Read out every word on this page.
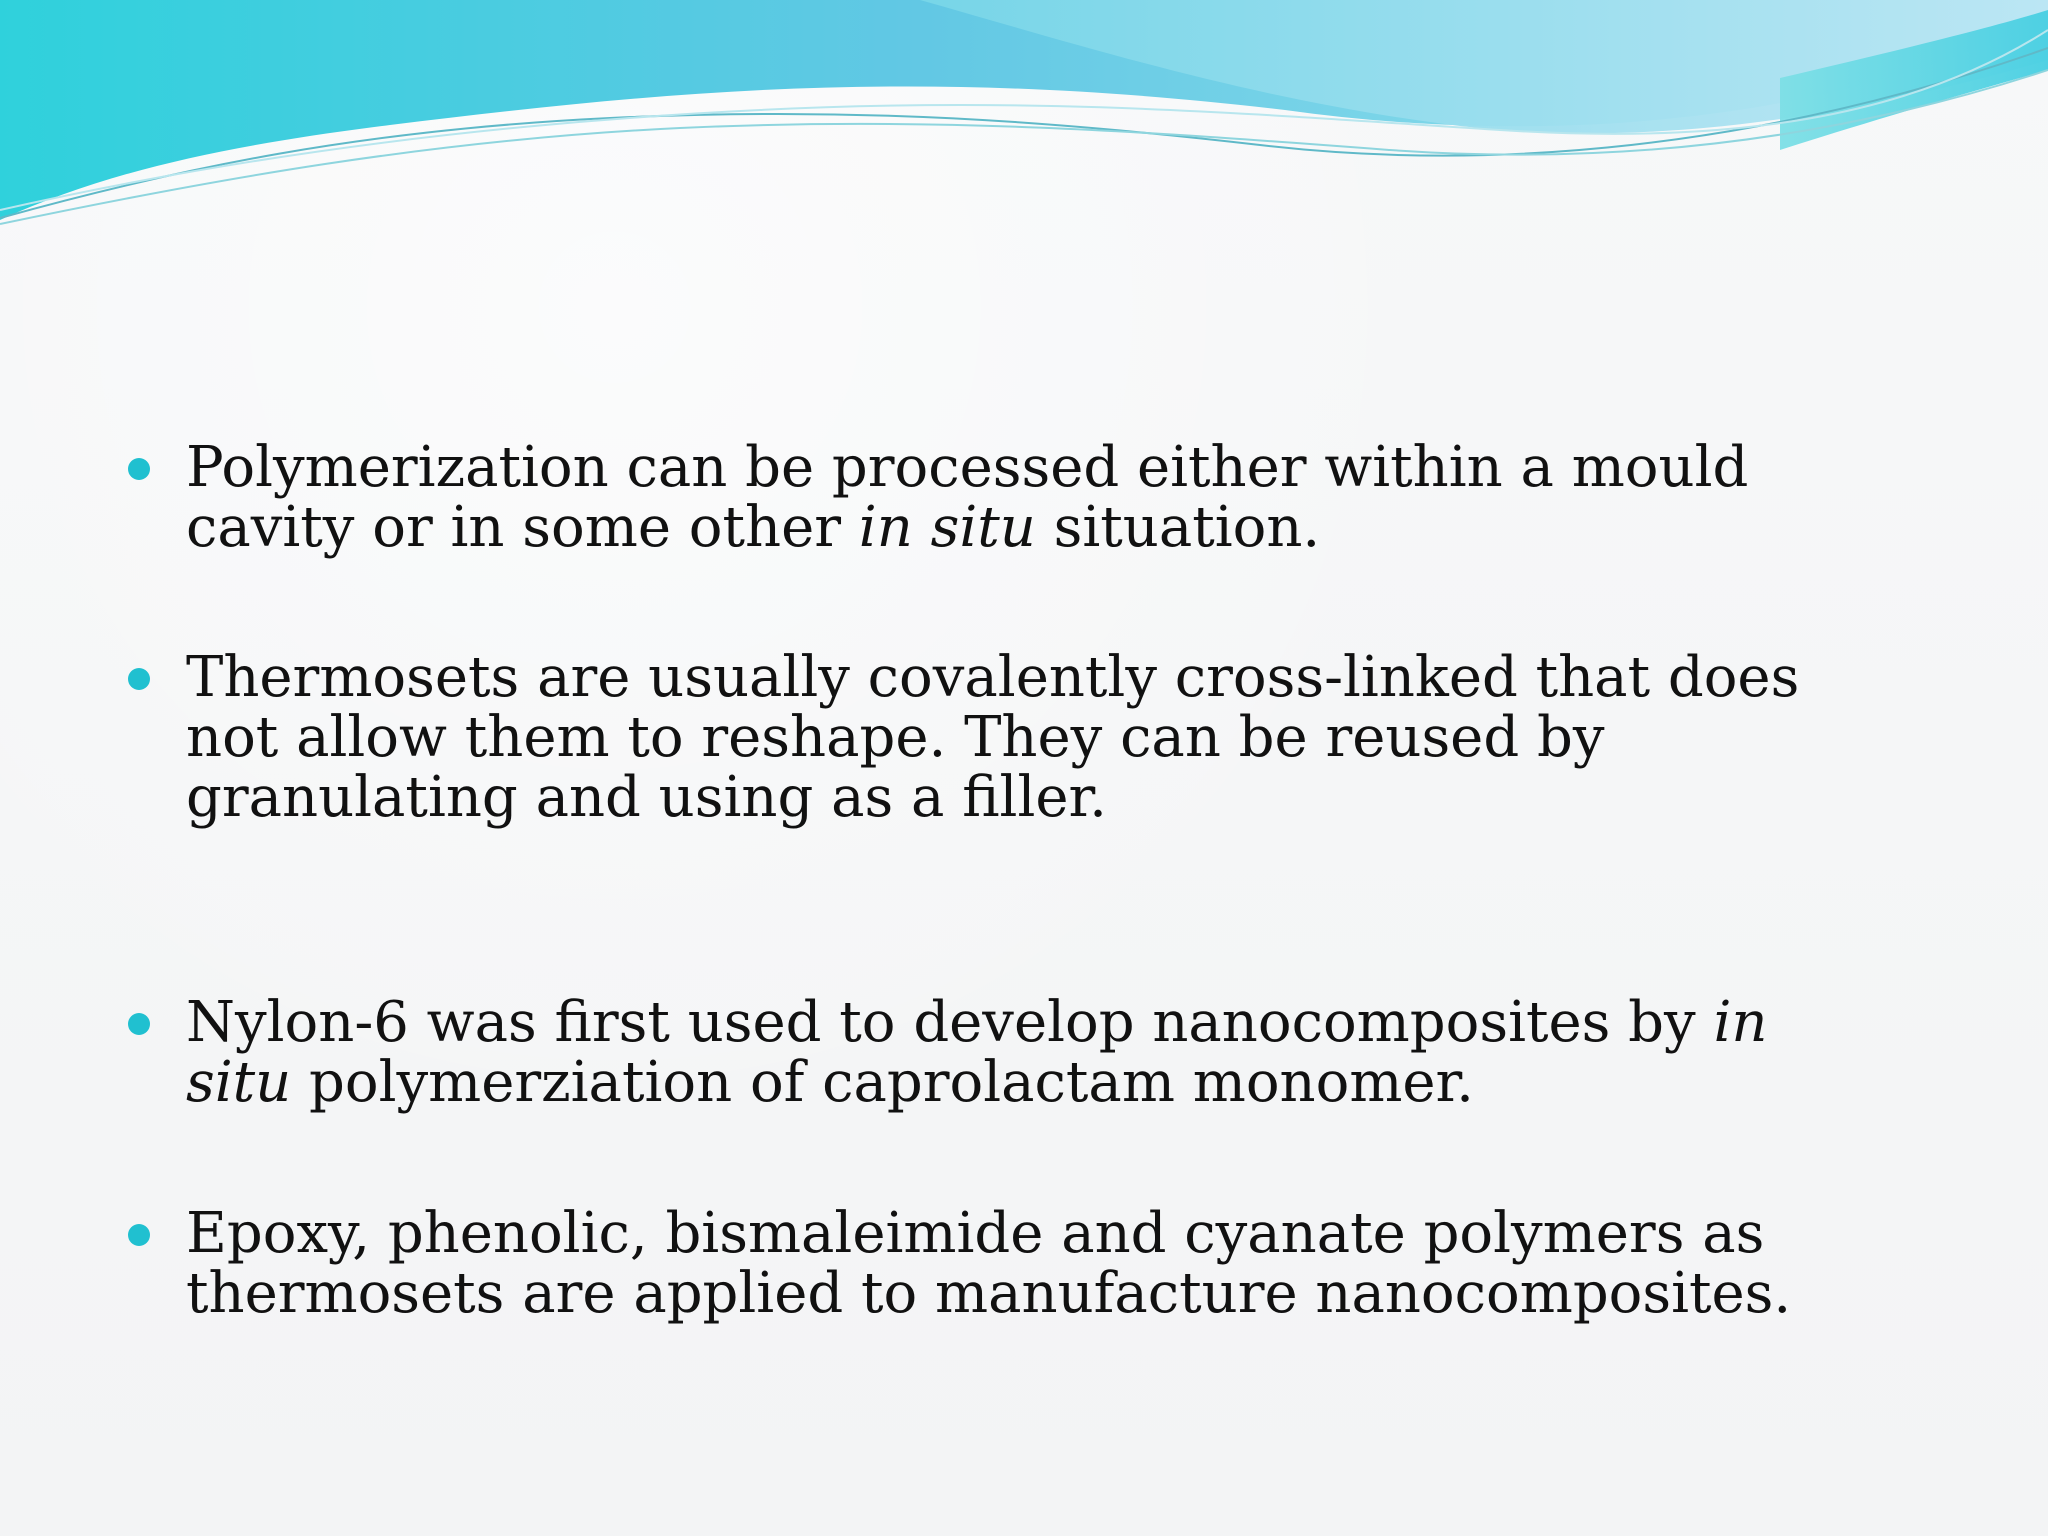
Polymerization can be processed either within a mould cavity or in some other in situ situation.
Thermosets are usually covalently cross-linked that does not allow them to reshape. They can be reused by granulating and using as a filler.
Nylon-6 was first used to develop nanocomposites by in situ polymerziation of caprolactam monomer.
Epoxy, phenolic, bismaleimide and cyanate polymers as thermosets are applied to manufacture nanocomposites.
